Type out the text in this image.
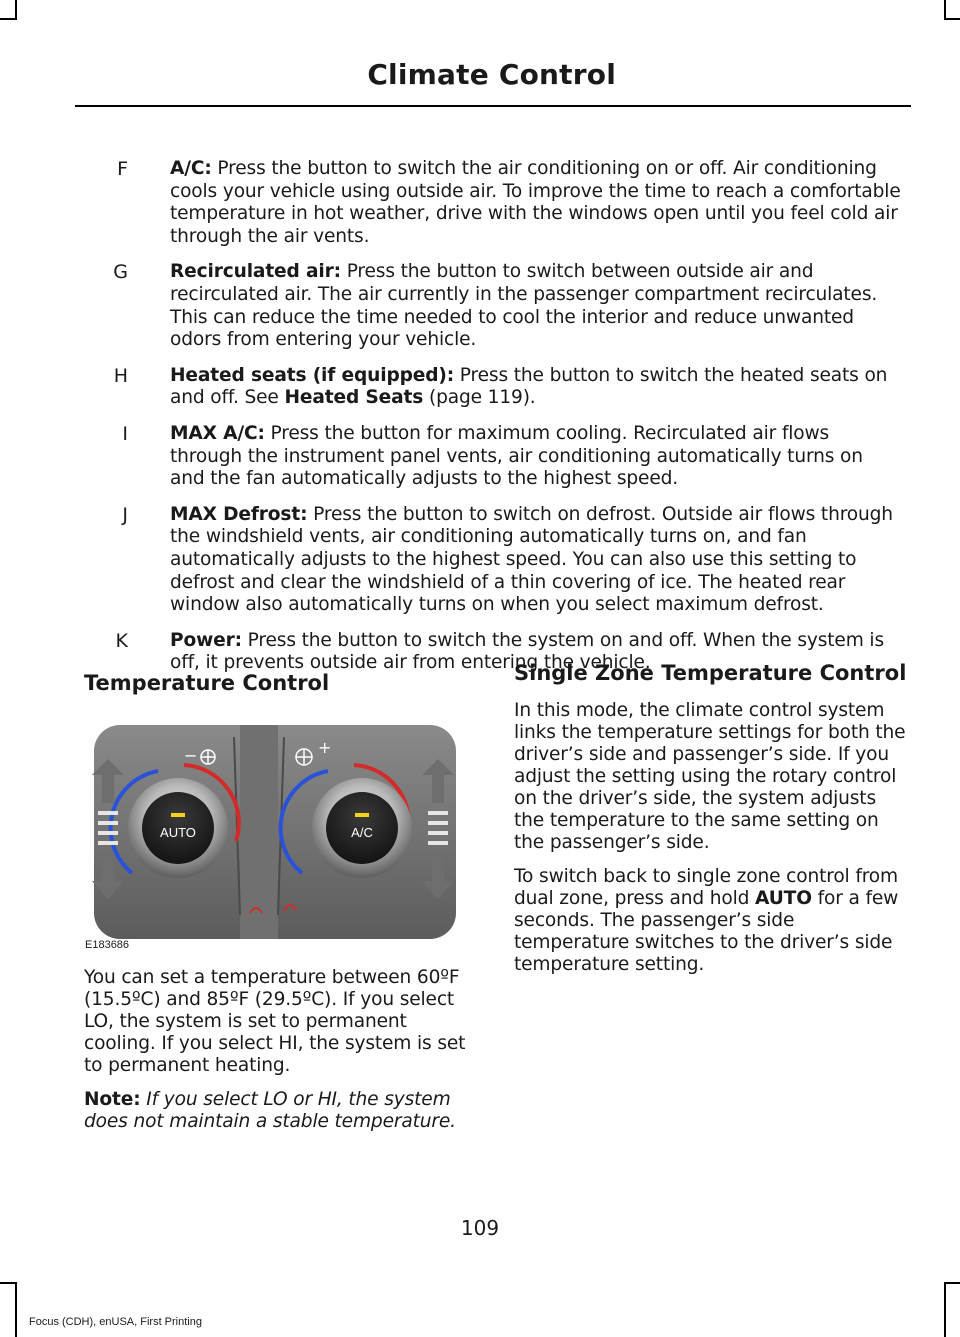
Climate Control
F A/C: Press the button to switch the air conditioning on or off. Air conditioning cools your vehicle using outside air. To improve the time to reach a comfortable temperature in hot weather, drive with the windows open until you feel cold air through the air vents.
G Recirculated air: Press the button to switch between outside air and recirculated air. The air currently in the passenger compartment recirculates. This can reduce the time needed to cool the interior and reduce unwanted odors from entering your vehicle.
H Heated seats (if equipped): Press the button to switch the heated seats on and off. See Heated Seats (page 119).
I MAX A/C: Press the button for maximum cooling. Recirculated air flows through the instrument panel vents, air conditioning automatically turns on and the fan automatically adjusts to the highest speed.
J MAX Defrost: Press the button to switch on defrost. Outside air flows through the windshield vents, air conditioning automatically turns on, and fan automatically adjusts to the highest speed. You can also use this setting to defrost and clear the windshield of a thin covering of ice. The heated rear window also automatically turns on when you select maximum defrost.
K Power: Press the button to switch the system on and off. When the system is off, it prevents outside air from entering the vehicle.
Temperature Control
−	+
AUTO	A/C
E183686

You can set a temperature between 60ºF (15.5ºC) and 85ºF (29.5ºC). If you select LO, the system is set to permanent cooling. If you select HI, the system is set to permanent heating.

Note: If you select LO or HI, the system does not maintain a stable temperature.

Single Zone Temperature Control

In this mode, the climate control system links the temperature settings for both the driver’s side and passenger’s side. If you adjust the setting using the rotary control on the driver’s side, the system adjusts the temperature to the same setting on the passenger’s side.

To switch back to single zone control from dual zone, press and hold AUTO for a few seconds. The passenger’s side temperature switches to the driver’s side temperature setting.

109
Focus (CDH), enUSA, First Printing
